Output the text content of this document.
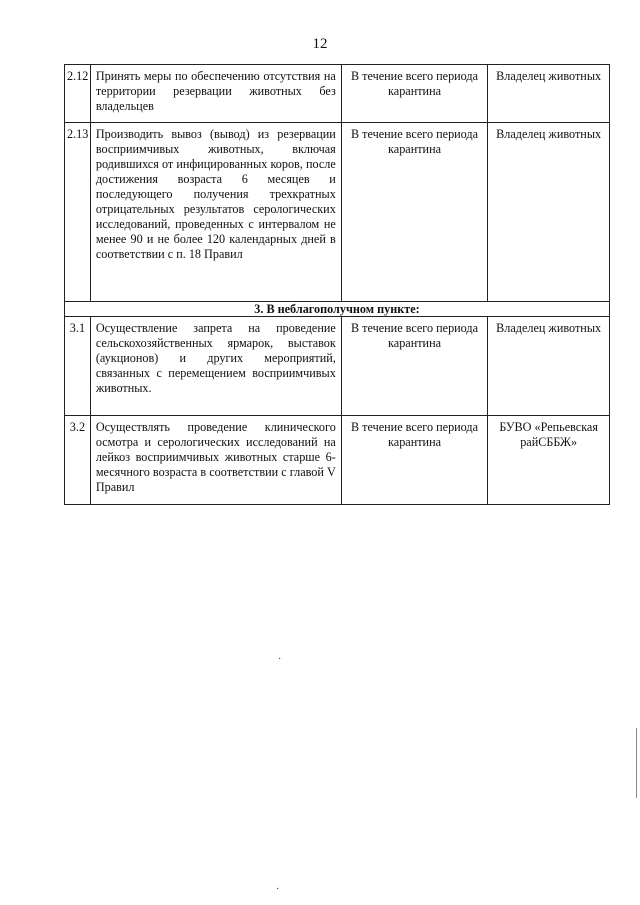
12
2.12	Принять меры по обеспечению отсутствия на территории резервации животных без владельцев	В течение всего периода карантина	Владелец животных
2.13	Производить вывоз (вывод) из резервации восприимчивых животных, включая родившихся от инфицированных коров, после достижения возраста 6 месяцев и последующего получения трехкратных отрицательных результатов серологических исследований, проведенных с интервалом не менее 90 и не более 120 календарных дней в соответствии с п. 18 Правил	В течение всего периода карантина	Владелец животных
3. В неблагополучном пункте:			
3.1	Осуществление запрета на проведение сельскохозяйственных ярмарок, выставок (аукционов) и других мероприятий, связанных с перемещением восприимчивых животных.	В течение всего периода карантина	Владелец животных
3.2	Осуществлять проведение клинического осмотра и серологических исследований на лейкоз восприимчивых животных старше 6-месячного возраста в соответствии с главой V Правил	В течение всего периода карантина	БУВО «Репьевская райСББЖ»
·
·
